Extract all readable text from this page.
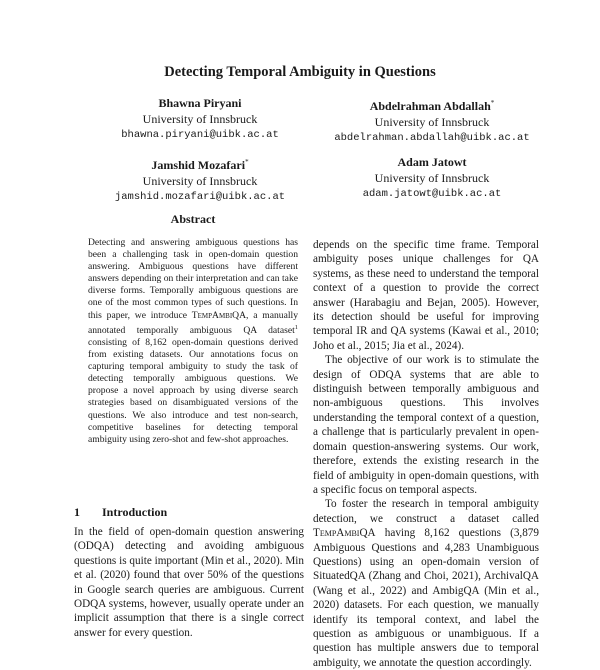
Detecting Temporal Ambiguity in Questions
Bhawna Piryani
University of Innsbruck
bhawna.piryani@uibk.ac.at
Abdelrahman Abdallah*
University of Innsbruck
abdelrahman.abdallah@uibk.ac.at
Jamshid Mozafari*
University of Innsbruck
jamshid.mozafari@uibk.ac.at
Adam Jatowt
University of Innsbruck
adam.jatowt@uibk.ac.at
Abstract
Detecting and answering ambiguous questions has been a challenging task in open-domain question answering. Ambiguous questions have different answers depending on their interpretation and can take diverse forms. Temporally ambiguous questions are one of the most common types of such questions. In this paper, we introduce TempAmbiQA, a manually annotated temporally ambiguous QA dataset$^1$ consisting of 8,162 open-domain questions derived from existing datasets. Our annotations focus on capturing temporal ambiguity to study the task of detecting temporally ambiguous questions. We propose a novel approach by using diverse search strategies based on disambiguated versions of the questions. We also introduce and test non-search, competitive baselines for detecting temporal ambiguity using zero-shot and few-shot approaches.
1 Introduction

In the field of open-domain question answering (ODQA) detecting and avoiding ambiguous questions is quite important (Min et al., 2020). Min et al. (2020) found that over 50% of the questions in Google search queries are ambiguous. Current ODQA systems, however, usually operate under an implicit assumption that there is a single correct answer for every question.

depends on the specific time frame. Temporal ambiguity poses unique challenges for QA systems, as these need to understand the temporal context of a question to provide the correct answer (Harabagiu and Bejan, 2005). However, its detection should be useful for improving temporal IR and QA systems (Kawai et al., 2010; Joho et al., 2015; Jia et al., 2024).

The objective of our work is to stimulate the design of ODQA systems that are able to distinguish between temporally ambiguous and non-ambiguous questions. This involves understanding the temporal context of a question, a challenge that is particularly prevalent in open-domain question-answering systems. Our work, therefore, extends the existing research in the field of ambiguity in open-domain questions, with a specific focus on temporal aspects.

To foster the research in temporal ambiguity detection, we construct a dataset called TempAmbiQA having 8,162 questions (3,879 Ambiguous Questions and 4,283 Unambiguous Questions) using an open-domain version of SituatedQA (Zhang and Choi, 2021), ArchivalQA (Wang et al., 2022) and AmbigQA (Min et al., 2020) datasets. For each question, we manually identify its temporal context, and label the question as ambiguous or unambiguous. If a question has multiple answers due to temporal ambiguity, we annotate the question accordingly.
